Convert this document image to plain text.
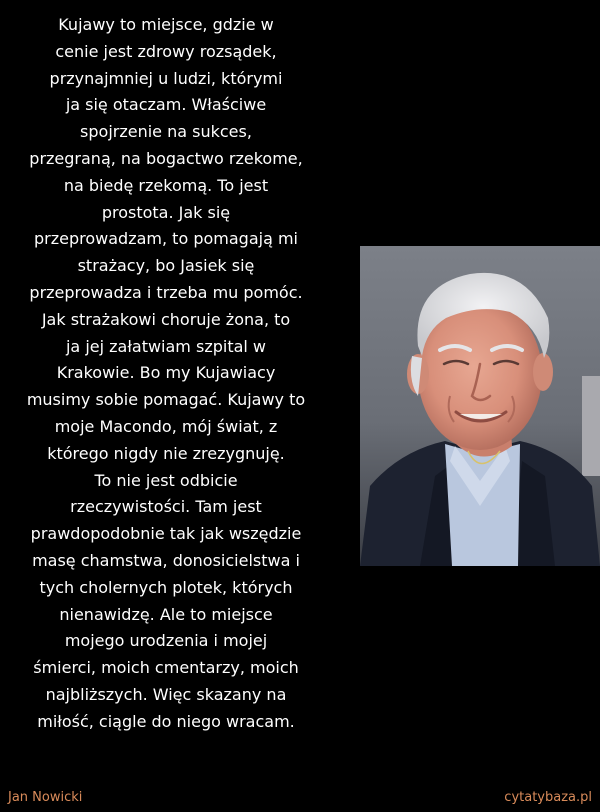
Kujawy to miejsce, gdzie w
cenie jest zdrowy rozsądek,
przynajmniej u ludzi, którymi
ja się otaczam. Właściwe
spojrzenie na sukces,
przegraną, na bogactwo rzekome,
na biedę rzekomą. To jest
prostota. Jak się
przeprowadzam, to pomagają mi
strażacy, bo Jasiek się
przeprowadza i trzeba mu pomóc.
Jak strażakowi choruje żona, to
ja jej załatwiam szpital w
Krakowie. Bo my Kujawiacy
musimy sobie pomagać. Kujawy to
moje Macondo, mój świat, z
którego nigdy nie zrezygnuję.
To nie jest odbicie
rzeczywistości. Tam jest
prawdopodobnie tak jak wszędzie
masę chamstwa, donosicielstwa i
tych cholernych plotek, których
nienawidzę. Ale to miejsce
mojego urodzenia i mojej
śmierci, moich cmentarzy, moich
najbliższych. Więc skazany na
miłość, ciągle do niego wracam.
Jan Nowicki	cytatybaza.pl
